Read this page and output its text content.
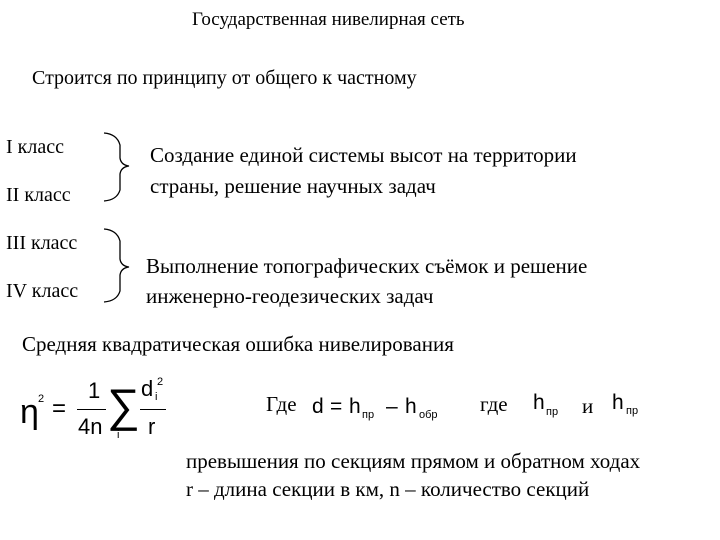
Государственная нивелирная сеть
Строится по принципу от общего к частному
I класс
II класс
III класс
IV класс
Создание единой системы высот на территории
страны, решение научных задач
Выполнение топографических съёмок и решение
инженерно-геодезических задач
Средняя квадратическая ошибка нивелирования
η 2 =
1
4n ∑
i
d i
2
r
Где d = h пр – h обр где h пр и h пр
превышения по секциям прямом и обратном ходах
r – длина секции в км, n – количество секций
